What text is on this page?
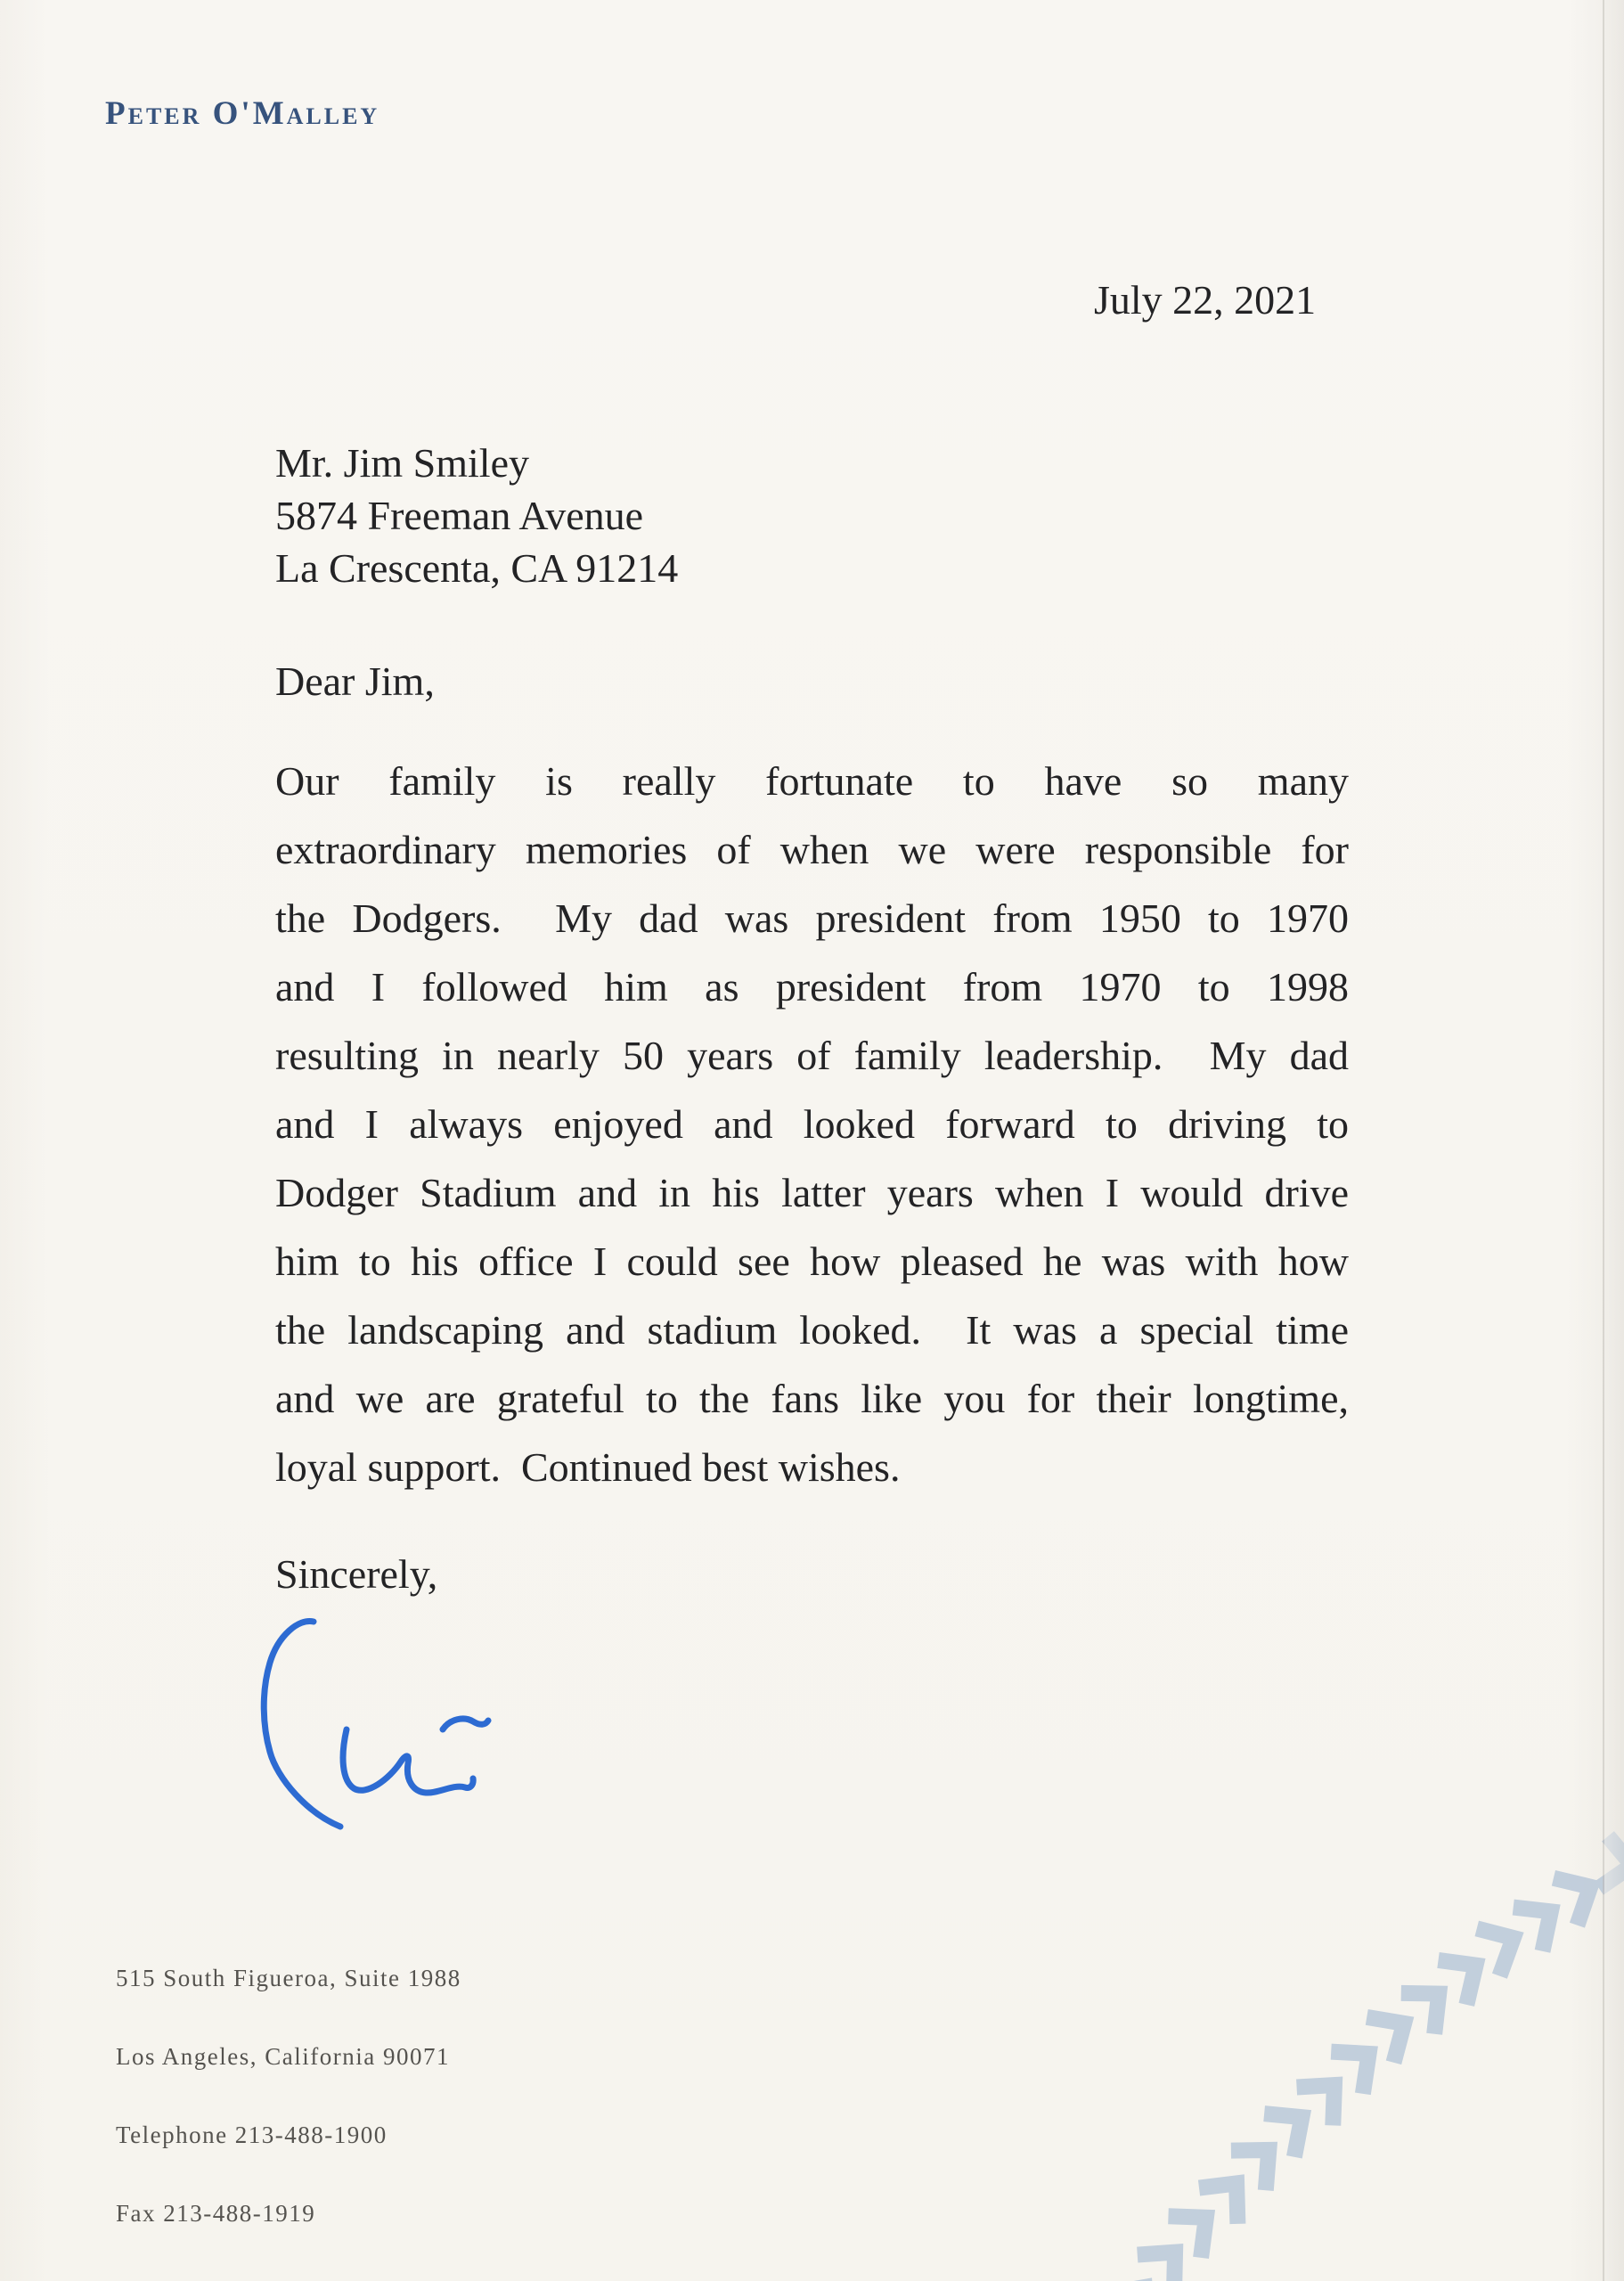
Peter O'Malley
July 22, 2021
Mr. Jim Smiley
5874 Freeman Avenue
La Crescenta, CA 91214
Dear Jim,
Our family is really fortunate to have so many
extraordinary memories of when we were responsible for
the Dodgers.  My dad was president from 1950 to 1970
and I followed him as president from 1970 to 1998
resulting in nearly 50 years of family leadership.  My dad
and I always enjoyed and looked forward to driving to
Dodger Stadium and in his latter years when I would drive
him to his office I could see how pleased he was with how
the landscaping and stadium looked.  It was a special time
and we are grateful to the fans like you for their longtime,
loyal support.  Continued best wishes.
Sincerely,
515 South Figueroa, Suite 1988
Los Angeles, California 90071
Telephone 213-488-1900
Fax 213-488-1919
